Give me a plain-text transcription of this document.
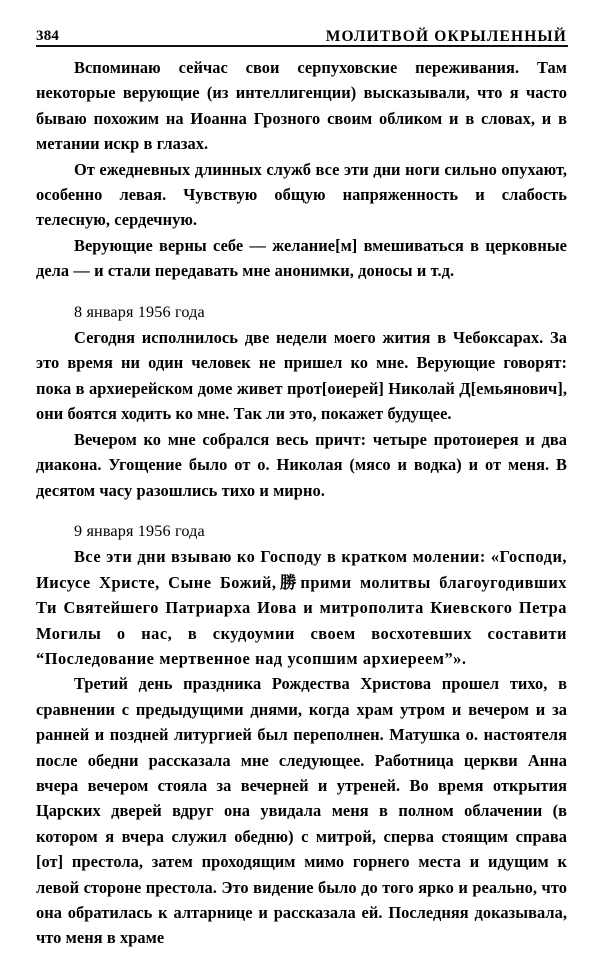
384	МОЛИТВОЙ ОКРЫЛЕННЫЙ

Вспоминаю сейчас свои серпуховские переживания. Там некоторые верующие (из интеллигенции) высказывали, что я часто бываю похожим на Иоанна Грозного своим обликом и в словах, и в метании искр в глазах.

От ежедневных длинных служб все эти дни ноги сильно опухают, особенно левая. Чувствую общую напряженность и слабость телесную, сердечную.

Верующие верны себе — желание[м] вмешиваться в церковные дела — и стали передавать мне анонимки, доносы и т.д.

8 января 1956 года

Сегодня исполнилось две недели моего жития в Чебоксарах. За это время ни один человек не пришел ко мне. Верующие говорят: пока в архиерейском доме живет прот[оиерей] Николай Д[емьянович], они боятся ходить ко мне. Так ли это, покажет будущее.

Вечером ко мне собрался весь причт: четыре протоиерея и два диакона. Угощение было от о. Николая (мясо и водка) и от меня. В десятом часу разошлись тихо и мирно.

9 января 1956 года

Все эти дни взываю ко Господу в кратком молении: «Господи, Иисусе Христе, Сыне Божий,勝прими молитвы благоугодивших Ти Святейшего Патриарха Иова и митрополита Киевского Петра Могилы о нас, в скудоумии своем восхотевших составити “Последование мертвенное над усопшим архиереем”».

Третий день праздника Рождества Христова прошел тихо, в сравнении с предыдущими днями, когда храм утром и вечером и за ранней и поздней литургией был переполнен. Матушка о. настоятеля после обедни рассказала мне следующее. Работница церкви Анна вчера вечером стояла за вечерней и утреней. Во время открытия Царских дверей вдруг она увидала меня в полном облачении (в котором я вчера служил обедню) с митрой, сперва стоящим справа [от] престола, затем проходящим мимо горнего места и идущим к левой стороне престола. Это видение было до того ярко и реально, что она обратилась к алтарнице и рассказала ей. Последняя доказывала, что меня в храме
